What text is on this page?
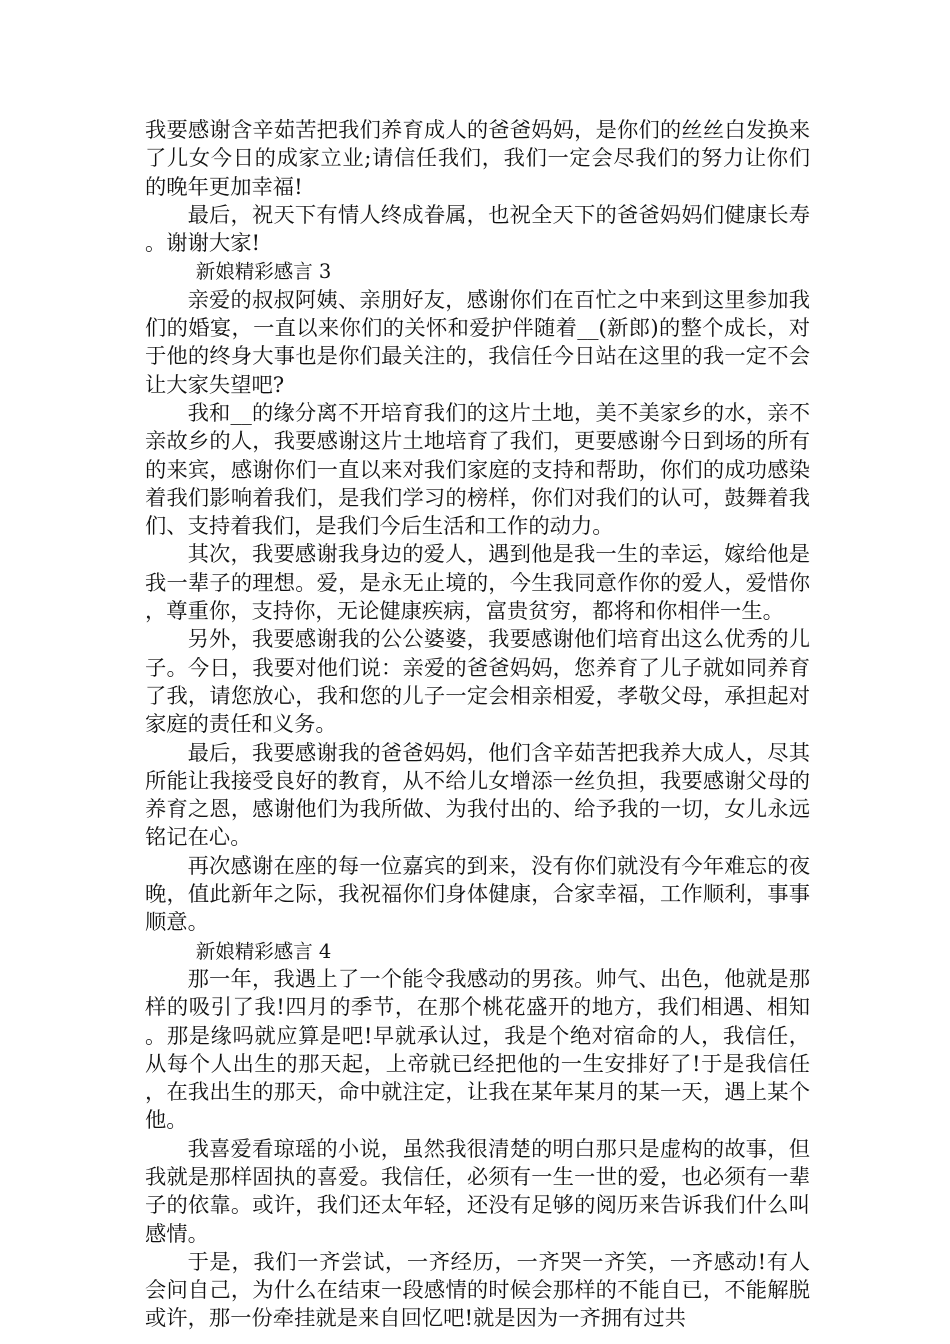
我要感谢含辛茹苦把我们养育成人的爸爸妈妈，是你们的丝丝白发换来了儿女今日的成家立业;请信任我们，我们一定会尽我们的努力让你们的晚年更加幸福!

最后，祝天下有情人终成眷属，也祝全天下的爸爸妈妈们健康长寿。谢谢大家!

新娘精彩感言 3

亲爱的叔叔阿姨、亲朋好友，感谢你们在百忙之中来到这里参加我们的婚宴，一直以来你们的关怀和爱护伴随着__(新郎)的整个成长，对于他的终身大事也是你们最关注的，我信任今日站在这里的我一定不会让大家失望吧?

我和__的缘分离不开培育我们的这片土地，美不美家乡的水，亲不亲故乡的人，我要感谢这片土地培育了我们，更要感谢今日到场的所有的来宾，感谢你们一直以来对我们家庭的支持和帮助，你们的成功感染着我们影响着我们，是我们学习的榜样，你们对我们的认可，鼓舞着我们、支持着我们，是我们今后生活和工作的动力。

其次，我要感谢我身边的爱人，遇到他是我一生的幸运，嫁给他是我一辈子的理想。爱，是永无止境的，今生我同意作你的爱人，爱惜你，尊重你，支持你，无论健康疾病，富贵贫穷，都将和你相伴一生。

另外，我要感谢我的公公婆婆，我要感谢他们培育出这么优秀的儿子。今日，我要对他们说：亲爱的爸爸妈妈，您养育了儿子就如同养育了我，请您放心，我和您的儿子一定会相亲相爱，孝敬父母，承担起对家庭的责任和义务。

最后，我要感谢我的爸爸妈妈，他们含辛茹苦把我养大成人，尽其所能让我接受良好的教育，从不给儿女增添一丝负担，我要感谢父母的养育之恩，感谢他们为我所做、为我付出的、给予我的一切，女儿永远铭记在心。

再次感谢在座的每一位嘉宾的到来，没有你们就没有今年难忘的夜晚，值此新年之际，我祝福你们身体健康，合家幸福，工作顺利，事事顺意。

新娘精彩感言 4

那一年，我遇上了一个能令我感动的男孩。帅气、出色，他就是那样的吸引了我!四月的季节，在那个桃花盛开的地方，我们相遇、相知。那是缘吗就应算是吧!早就承认过，我是个绝对宿命的人，我信任，从每个人出生的那天起，上帝就已经把他的一生安排好了!于是我信任，在我出生的那天，命中就注定，让我在某年某月的某一天，遇上某个他。

我喜爱看琼瑶的小说，虽然我很清楚的明白那只是虚构的故事，但我就是那样固执的喜爱。我信任，必须有一生一世的爱，也必须有一辈子的依靠。或许，我们还太年轻，还没有足够的阅历来告诉我们什么叫感情。

于是，我们一齐尝试，一齐经历，一齐哭一齐笑，一齐感动!有人会问自己，为什么在结束一段感情的时候会那样的不能自已，不能解脱或许，那一份牵挂就是来自回忆吧!就是因为一齐拥有过共
